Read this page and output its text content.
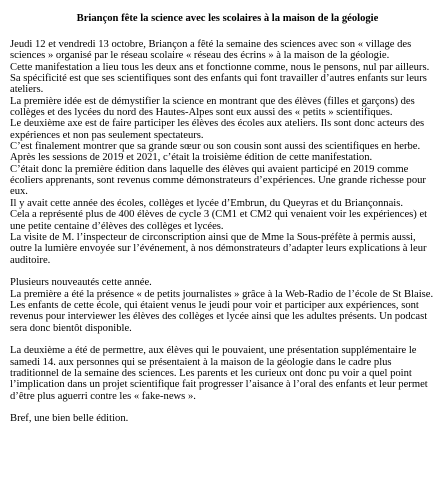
Briançon fête la science avec les scolaires à la maison de la géologie
Jeudi 12 et vendredi 13 octobre, Briançon a fêté la semaine des sciences avec son « village des
sciences » organisé par le réseau scolaire « réseau des écrins » à la maison de la géologie.
Cette manifestation a lieu tous les deux ans et fonctionne comme, nous le pensons, nul par ailleurs.
Sa spécificité est que ses scientifiques sont des enfants qui font travailler d’autres enfants sur leurs
ateliers.
La première idée est de démystifier la science en montrant que des élèves (filles et garçons) des
collèges et des lycées du nord des Hautes-Alpes sont eux aussi des « petits » scientifiques.
Le deuxième axe est de faire participer les élèves des écoles aux ateliers. Ils sont donc acteurs des
expériences et non pas seulement spectateurs.
C’est finalement montrer que sa grande sœur ou son cousin sont aussi des scientifiques en herbe.
Après les sessions de 2019 et 2021, c’était la troisième édition de cette manifestation.
C’était donc la première édition dans laquelle des élèves qui avaient participé en 2019 comme
écoliers apprenants, sont revenus comme démonstrateurs d’expériences. Une grande richesse pour
eux.
Il y avait cette année des écoles, collèges et lycée d’Embrun, du Queyras et du Briançonnais.
Cela a représenté plus de 400 élèves de cycle 3 (CM1 et CM2 qui venaient voir les expériences) et
une petite centaine d’élèves des collèges et lycées.
La visite de M. l’inspecteur de circonscription ainsi que de Mme la Sous-préfète à permis aussi,
outre la lumière envoyée sur l’événement, à nos démonstrateurs d’adapter leurs explications à leur
auditoire.
Plusieurs nouveautés cette année.
La première a été la présence « de petits journalistes » grâce à la Web-Radio de l’école de St Blaise.
Les enfants de cette école, qui étaient venus le jeudi pour voir et participer aux expériences, sont
revenus pour interviewer les élèves des collèges et lycée ainsi que les adultes présents. Un podcast
sera donc bientôt disponible.
La deuxième a été de permettre, aux élèves qui le pouvaient, une présentation supplémentaire le
samedi 14. aux personnes qui se présentaient à la maison de la géologie dans le cadre plus
traditionnel de la semaine des sciences. Les parents et les curieux ont donc pu voir a quel point
l’implication dans un projet scientifique fait progresser l’aisance à l’oral des enfants et leur permet
d’être plus aguerri contre les « fake-news ».
Bref, une bien belle édition.
